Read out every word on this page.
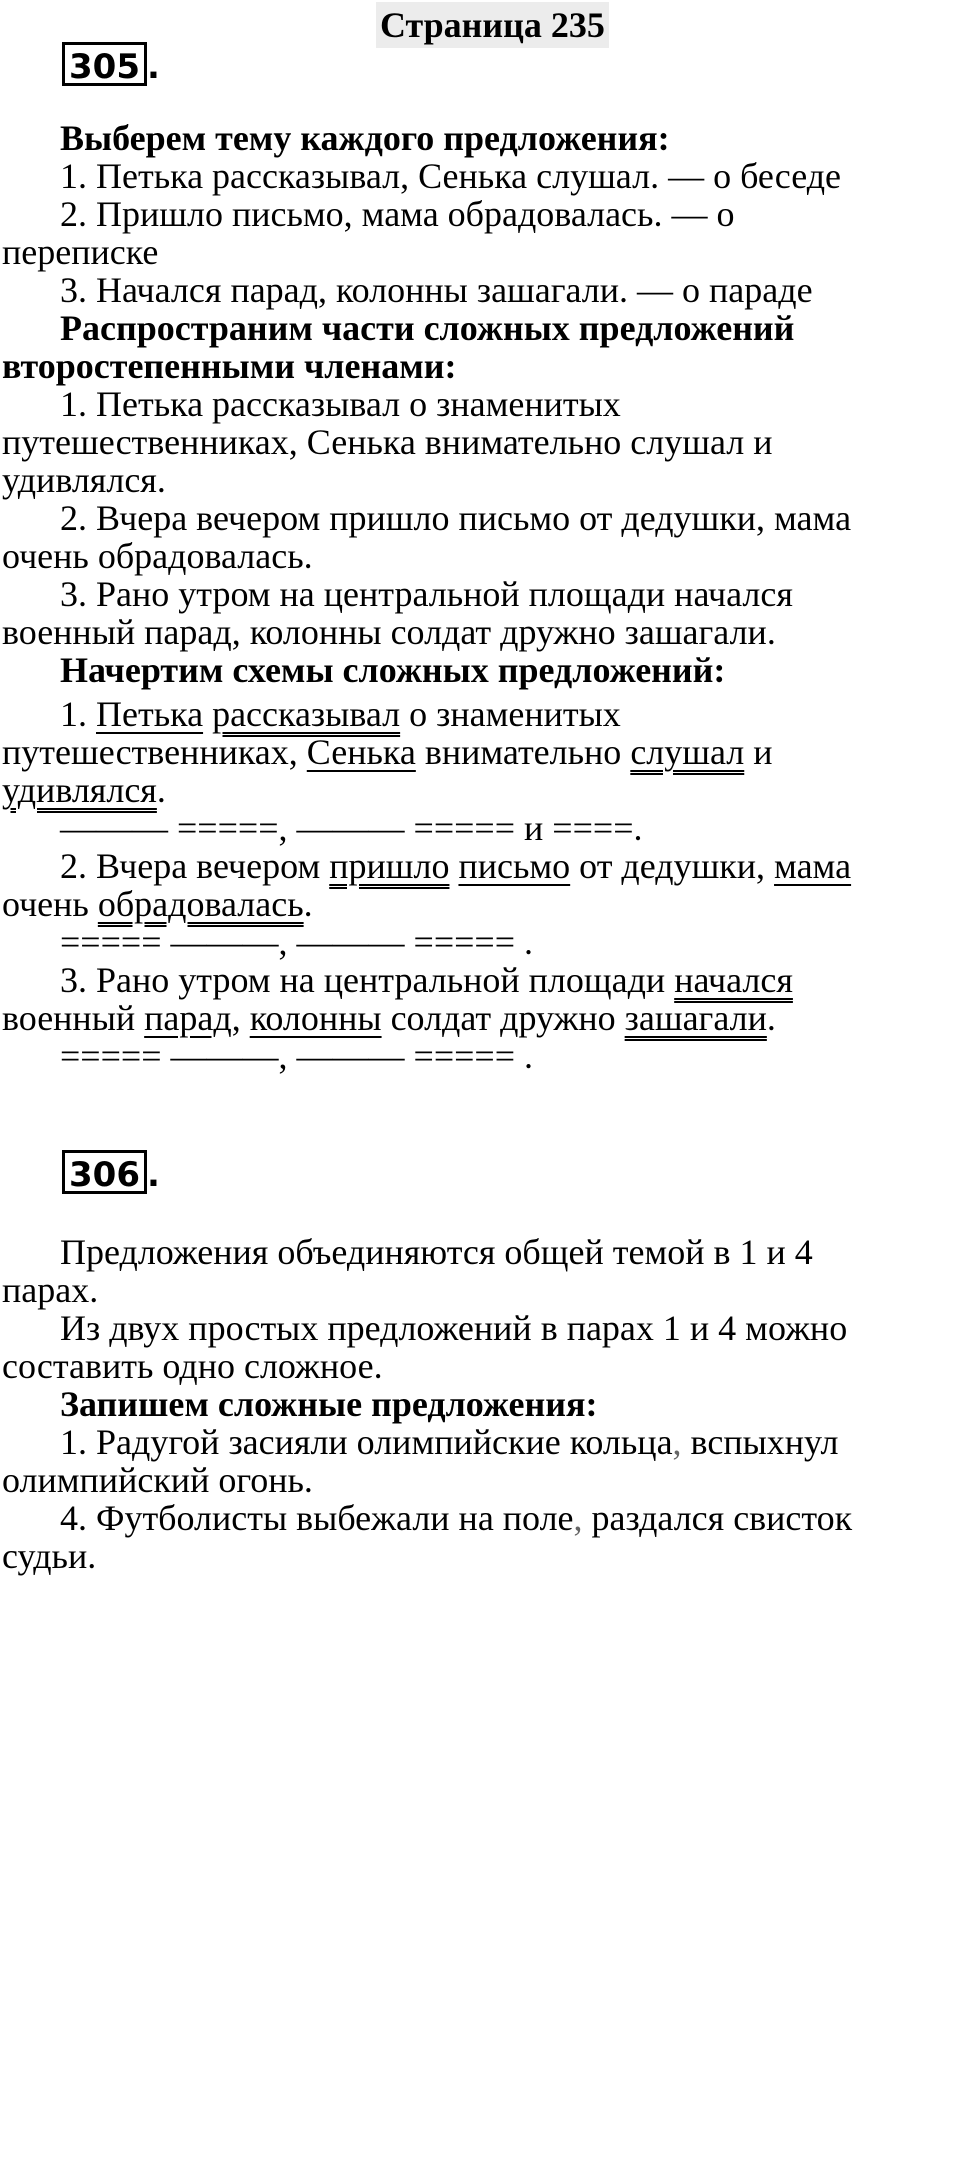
Страница 235
305 .
Выберем тему каждого предложения:
1. Петька рассказывал, Сенька слушал. — о беседе
2. Пришло письмо, мама обрадовалась. — о
переписке
3. Начался парад, колонны зашагали. — о параде
Распространим части сложных предложений
второстепенными членами:
1. Петька рассказывал о знаменитых
путешественниках, Сенька внимательно слушал и
удивлялся.
2. Вчера вечером пришло письмо от дедушки, мама
очень обрадовалась.
3. Рано утром на центральной площади начался
военный парад, колонны солдат дружно зашагали.
Начертим схемы сложных предложений:
1. Петька рассказывал о знаменитых
путешественниках, Сенька внимательно слушал и
удивлялся.
——— =====, ——— ===== и ====.
2. Вчера вечером пришло письмо от дедушки, мама
очень обрадовалась.
===== ———, ——— ===== .
3. Рано утром на центральной площади начался
военный парад, колонны солдат дружно зашагали.
===== ———, ——— ===== .
306 .
Предложения объединяются общей темой в 1 и 4
парах.
Из двух простых предложений в парах 1 и 4 можно
составить одно сложное.
Запишем сложные предложения:
1. Радугой засияли олимпийские кольца, вспыхнул
олимпийский огонь.
4. Футболисты выбежали на поле, раздался свисток
судьи.
